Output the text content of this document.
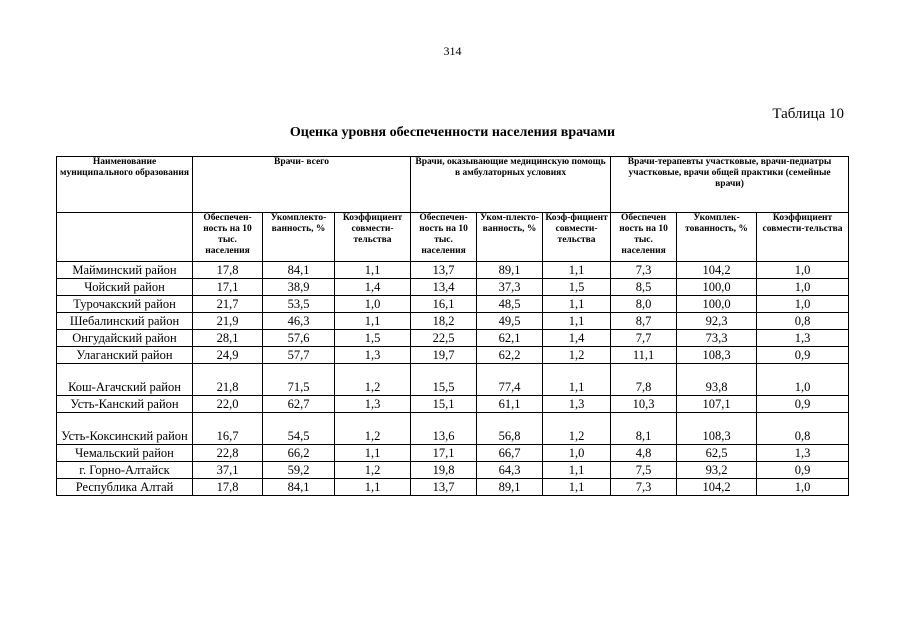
314
Таблица 10
Оценка уровня обеспеченности населения врачами
Наименование муниципального образования	Врачи- всего			Врачи, оказывающие медицинскую помощь в амбулаторных условиях			Врачи-терапевты участковые, врачи-педиатры участковые, врачи общей практики (семейные врачи)		
	Обеспечен-ность на 10 тыс. населения	Укомплекто-ванность, %	Коэффициент совмести-тельства	Обеспечен-ность на 10 тыс. населения	Уком-плекто-ванность, %	Коэф-фициент совмести-тельства	Обеспечен ность на 10 тыс. населения	Укомплек-тованность, %	Коэффициент совмести-тельства
Майминский район	17,8	84,1	1,1	13,7	89,1	1,1	7,3	104,2	1,0
Чойский район	17,1	38,9	1,4	13,4	37,3	1,5	8,5	100,0	1,0
Турочакский район	21,7	53,5	1,0	16,1	48,5	1,1	8,0	100,0	1,0
Шебалинский район	21,9	46,3	1,1	18,2	49,5	1,1	8,7	92,3	0,8
Онгудайский район	28,1	57,6	1,5	22,5	62,1	1,4	7,7	73,3	1,3
Улаганский район	24,9	57,7	1,3	19,7	62,2	1,2	11,1	108,3	0,9
Кош-Агачский район	21,8	71,5	1,2	15,5	77,4	1,1	7,8	93,8	1,0
Усть-Канский район	22,0	62,7	1,3	15,1	61,1	1,3	10,3	107,1	0,9
Усть-Коксинский район	16,7	54,5	1,2	13,6	56,8	1,2	8,1	108,3	0,8
Чемальский район	22,8	66,2	1,1	17,1	66,7	1,0	4,8	62,5	1,3
г. Горно-Алтайск	37,1	59,2	1,2	19,8	64,3	1,1	7,5	93,2	0,9
Республика Алтай	17,8	84,1	1,1	13,7	89,1	1,1	7,3	104,2	1,0
